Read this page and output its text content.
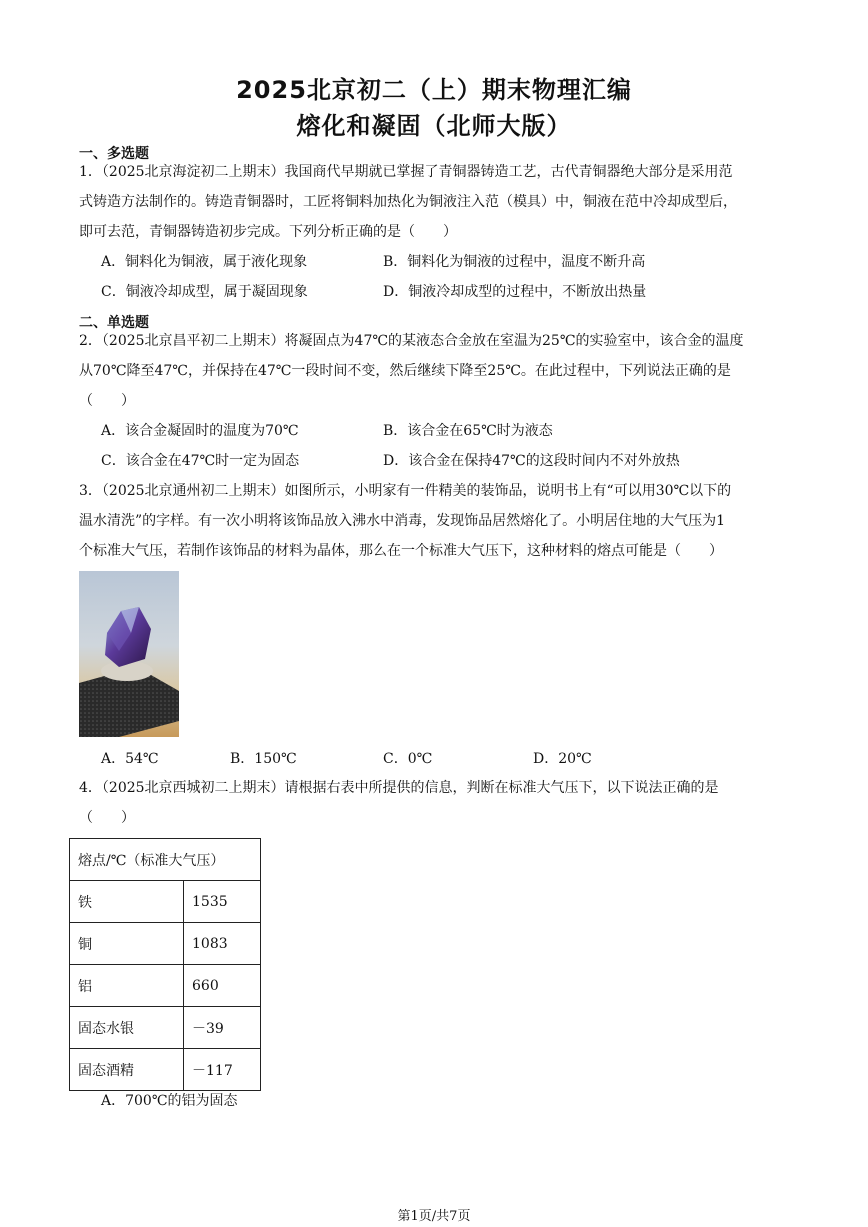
2025北京初二（上）期末物理汇编
熔化和凝固（北师大版）
一、多选题
1．（2025北京海淀初二上期末）我国商代早期就已掌握了青铜器铸造工艺，古代青铜器绝大部分是采用范
式铸造方法制作的。铸造青铜器时，工匠将铜料加热化为铜液注入范（模具）中，铜液在范中冷却成型后，
即可去范，青铜器铸造初步完成。下列分析正确的是（　　）
A．铜料化为铜液，属于液化现象	B．铜料化为铜液的过程中，温度不断升高
C．铜液冷却成型，属于凝固现象	D．铜液冷却成型的过程中，不断放出热量
二、单选题
2．（2025北京昌平初二上期末）将凝固点为47℃的某液态合金放在室温为25℃的实验室中，该合金的温度
从70℃降至47℃，并保持在47℃一段时间不变，然后继续下降至25℃。在此过程中，下列说法正确的是
（　　）
A．该合金凝固时的温度为70℃	B．该合金在65℃时为液态
C．该合金在47℃时一定为固态	D．该合金在保持47℃的这段时间内不对外放热
3．（2025北京通州初二上期末）如图所示，小明家有一件精美的装饰品，说明书上有“可以用30℃以下的
温水清洗”的字样。有一次小明将该饰品放入沸水中消毒，发现饰品居然熔化了。小明居住地的大气压为1
个标准大气压，若制作该饰品的材料为晶体，那么在一个标准大气压下，这种材料的熔点可能是（　　）
A．54℃	B．150℃	C．0℃	D．20℃
4．（2025北京西城初二上期末）请根据右表中所提供的信息，判断在标准大气压下，以下说法正确的是
（　　）
熔点/℃（标准大气压）	
铁	1535
铜	1083
铝	660
固态水银	－39
固态酒精	－117
A．700℃的铝为固态
第1页/共7页
